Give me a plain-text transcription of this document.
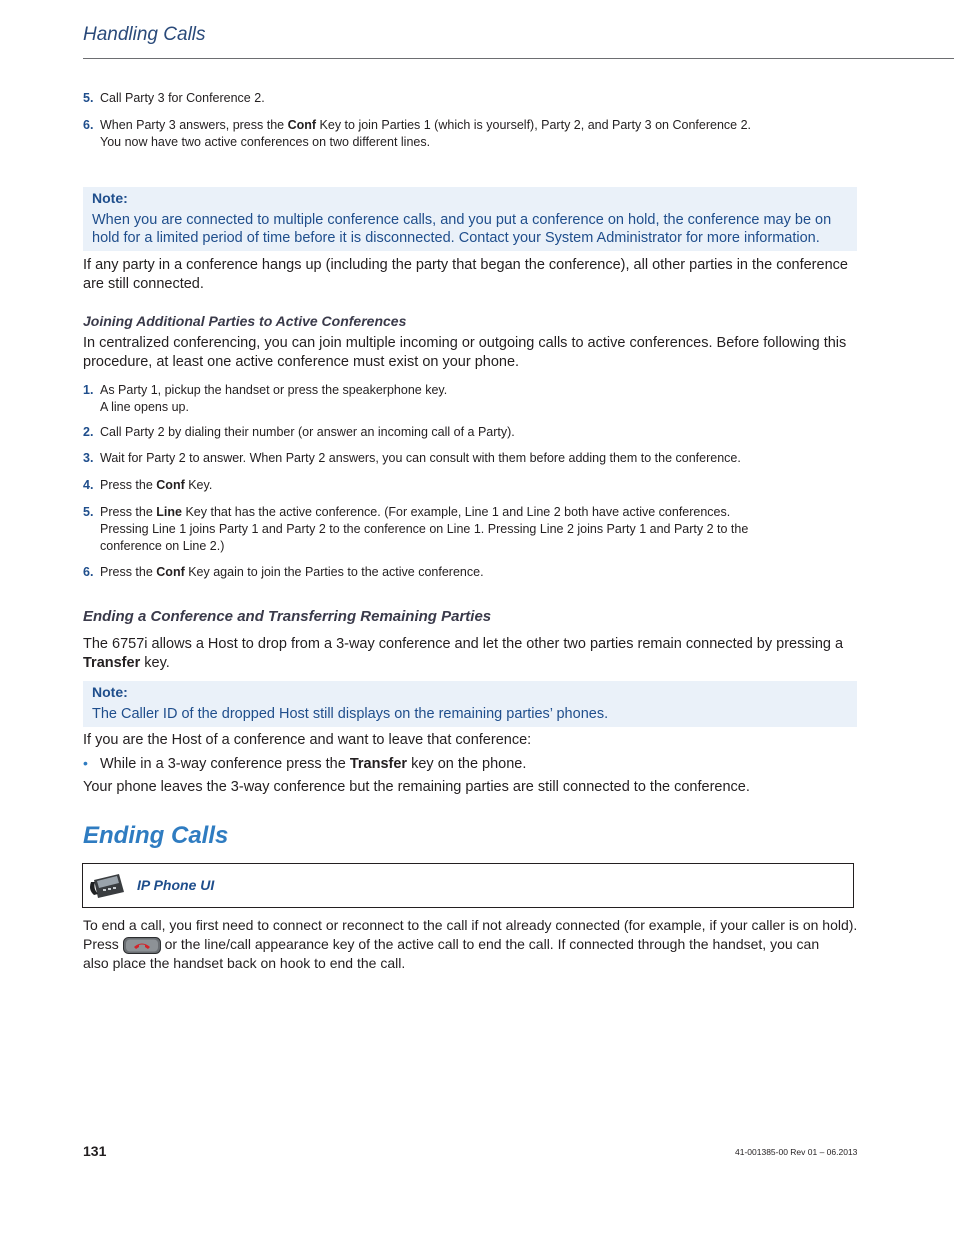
Handling Calls
5. Call Party 3 for Conference 2.
6. When Party 3 answers, press the Conf Key to join Parties 1 (which is yourself), Party 2, and Party 3 on Conference 2.
You now have two active conferences on two different lines.
Note:
When you are connected to multiple conference calls, and you put a conference on hold, the conference may be on hold for a limited period of time before it is disconnected. Contact your System Administrator for more information.
If any party in a conference hangs up (including the party that began the conference), all other parties in the conference are still connected.
Joining Additional Parties to Active Conferences
In centralized conferencing, you can join multiple incoming or outgoing calls to active conferences. Before following this procedure, at least one active conference must exist on your phone.
1. As Party 1, pickup the handset or press the speakerphone key.
A line opens up.
2. Call Party 2 by dialing their number (or answer an incoming call of a Party).
3. Wait for Party 2 to answer. When Party 2 answers, you can consult with them before adding them to the conference.
4. Press the Conf Key.
5. Press the Line Key that has the active conference. (For example, Line 1 and Line 2 both have active conferences.
Pressing Line 1 joins Party 1 and Party 2 to the conference on Line 1. Pressing Line 2 joins Party 1 and Party 2 to the
conference on Line 2.)
6. Press the Conf Key again to join the Parties to the active conference.
Ending a Conference and Transferring Remaining Parties
The 6757i allows a Host to drop from a 3-way conference and let the other two parties remain connected by pressing a
Transfer key.
Note:
The Caller ID of the dropped Host still displays on the remaining parties’ phones.
If you are the Host of a conference and want to leave that conference:
• While in a 3-way conference press the Transfer key on the phone.
Your phone leaves the 3-way conference but the remaining parties are still connected to the conference.
Ending Calls
IP Phone UI
To end a call, you first need to connect or reconnect to the call if not already connected (for example, if your caller is on hold).
Press	or the line/call appearance key of the active call to end the call. If connected through the handset, you can
also place the handset back on hook to end the call.
131	41-001385-00 Rev 01 – 06.2013
